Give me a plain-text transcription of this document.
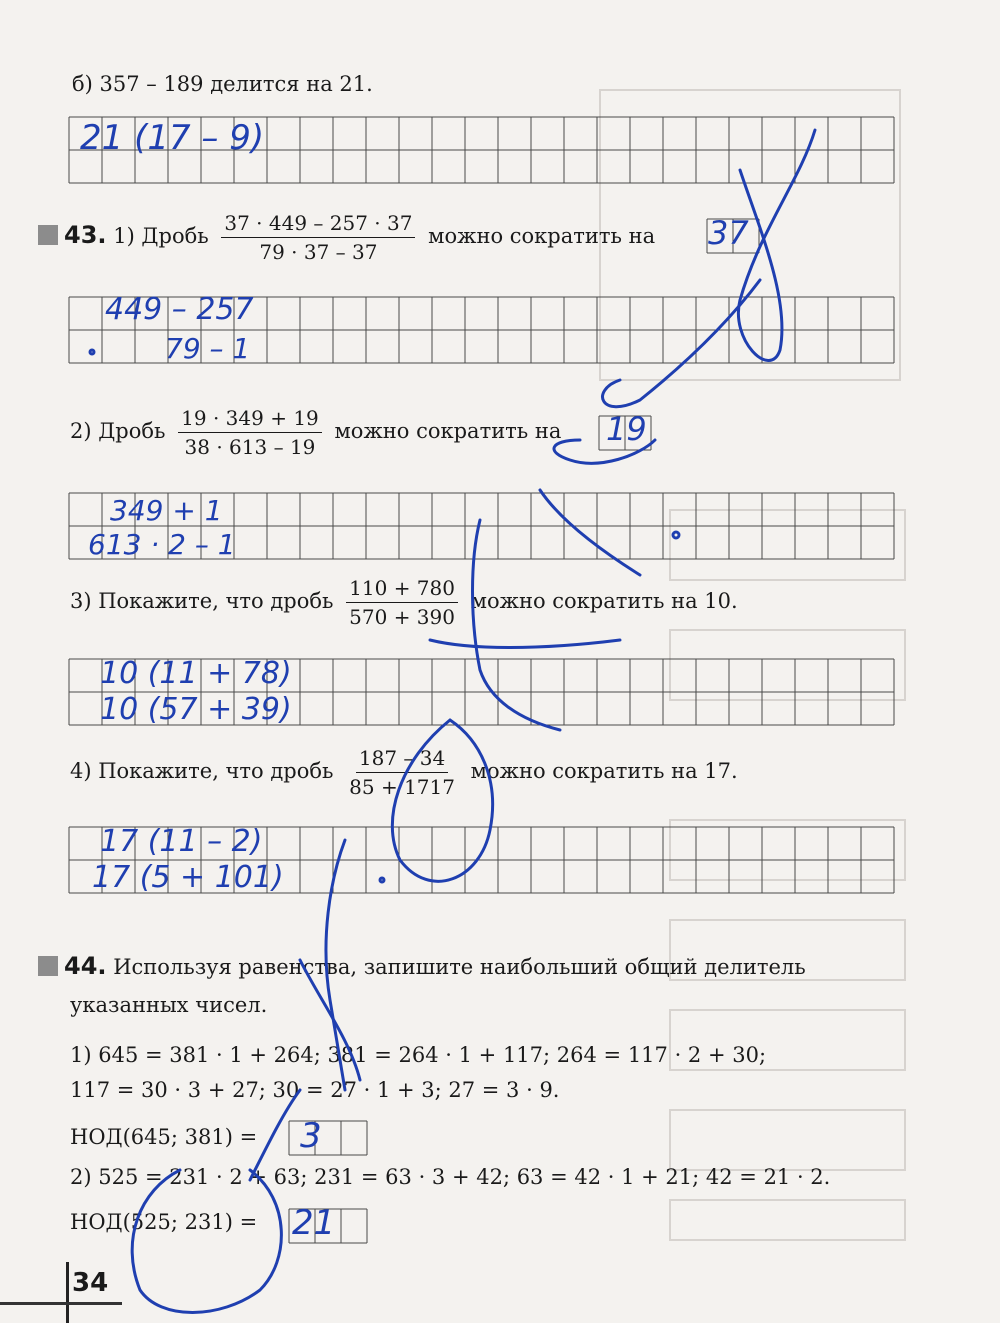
б) 357 – 189 делится на 21.
21 (17 – 9)
43. 1) Дробь $\frac{37 \cdot 449 - 257 \cdot 37}{79 \cdot 37 - 37}$ можно сократить на 37
449 – 257
79 – 1
2) Дробь $\frac{19 \cdot 349 + 19}{38 \cdot 613 - 19}$ можно сократить на 19
349 + 1
613 · 2 – 1
3) Покажите, что дробь $\frac{110 + 780}{570 + 390}$ можно сократить на 10.
10 (11 + 78)
10 (57 + 39)
4) Покажите, что дробь $\frac{187 - 34}{85 + 1717}$ можно сократить на 17.
17 (11 – 2)
17 (5 + 101)
44. Используя равенства, запишите наибольший общий делитель
указанных чисел.
1) 645 = 381 · 1 + 264; 381 = 264 · 1 + 117; 264 = 117 · 2 + 30;
117 = 30 · 3 + 27; 30 = 27 · 1 + 3; 27 = 3 · 9.
НОД(645; 381) = 3
2) 525 = 231 · 2 + 63; 231 = 63 · 3 + 42; 63 = 42 · 1 + 21; 42 = 21 · 2.
НОД(525; 231) = 21
34
